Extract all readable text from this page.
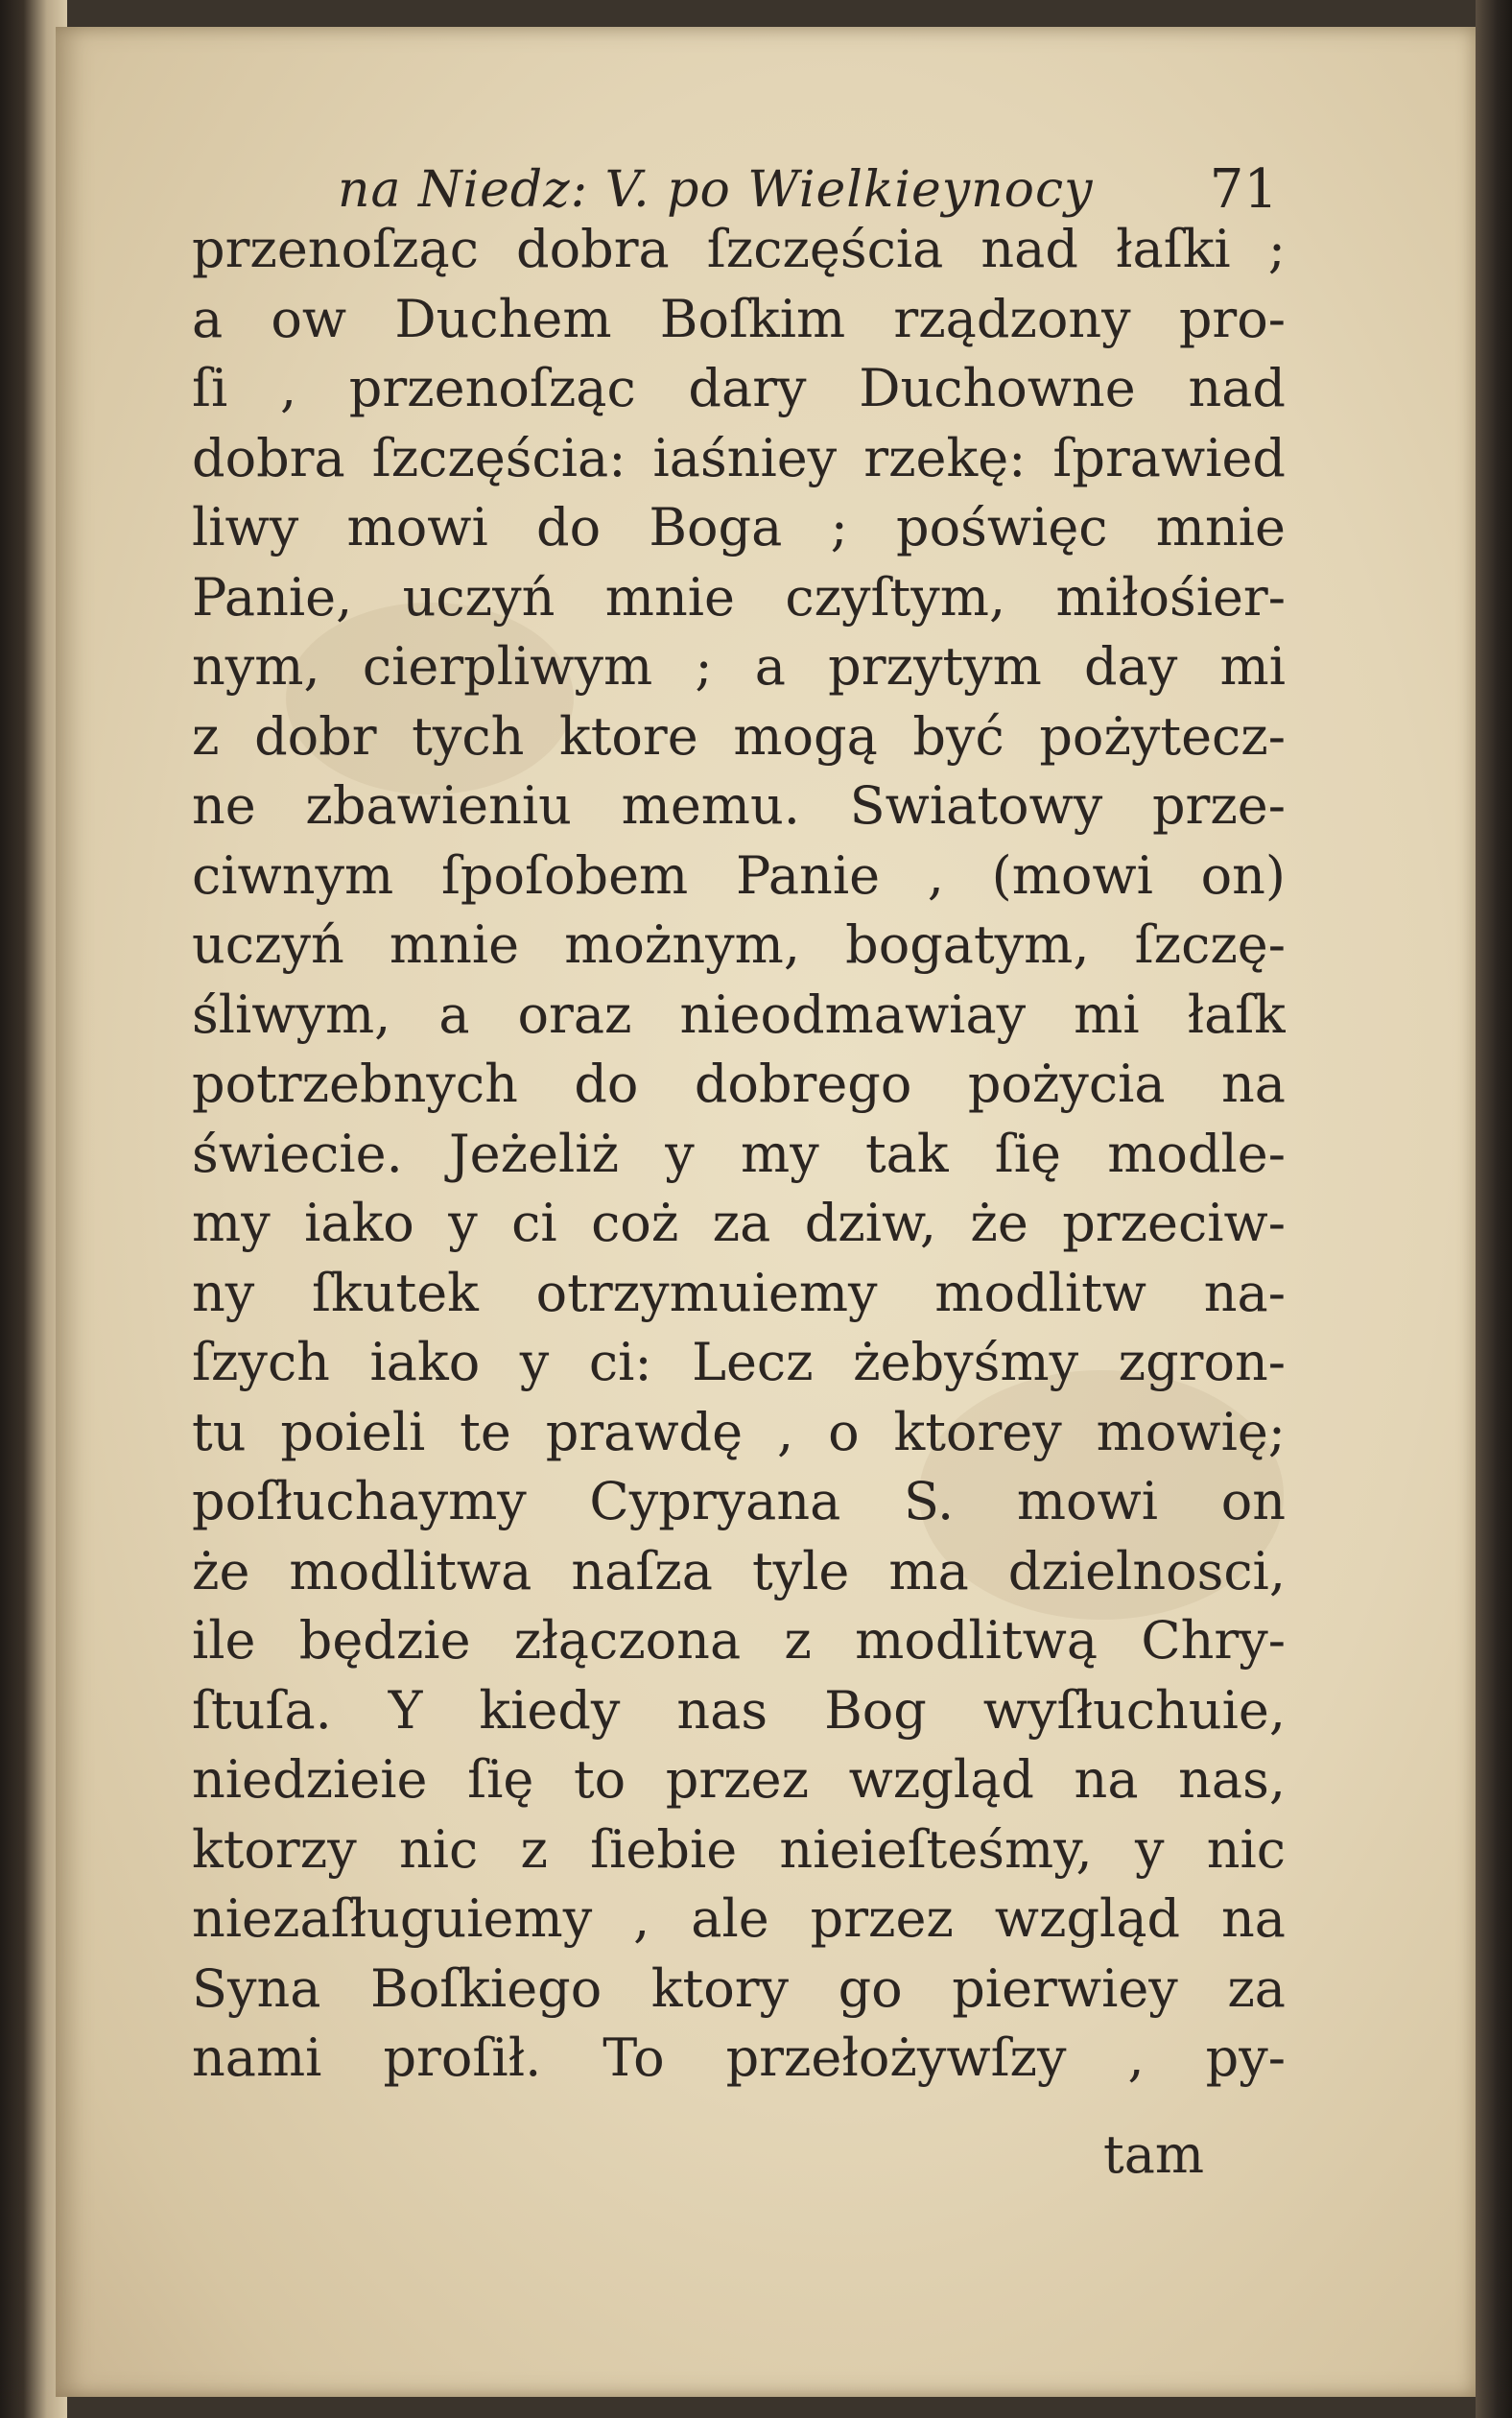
na Niedz: V. po Wielkieynocy 71
przenoſząc dobra ſzczęścia nad łaſki ;
a ow Duchem Boſkim rządzony pro-
ſi , przenoſząc dary Duchowne nad
dobra ſzczęścia: iaśniey rzekę: ſprawied
liwy mowi do Boga ; poświęc mnie
Panie, uczyń mnie czyſtym, miłośier-
nym, cierpliwym ; a przytym day mi
z dobr tych ktore mogą być pożytecz-
ne zbawieniu memu. Swiatowy prze-
ciwnym ſpoſobem Panie , (mowi on)
uczyń mnie możnym, bogatym, ſzczę-
śliwym, a oraz nieodmawiay mi łaſk
potrzebnych do dobrego pożycia na
świecie. Jeżeliż y my tak ſię modle-
my iako y ci coż za dziw, że przeciw-
ny ſkutek otrzymuiemy modlitw na-
ſzych iako y ci: Lecz żebyśmy zgron-
tu poieli te prawdę , o ktorey mowię;
poſłuchaymy Cypryana S. mowi on
że modlitwa naſza tyle ma dzielnosci,
ile będzie złączona z modlitwą Chry-
ſtuſa. Y kiedy nas Bog wyſłuchuie,
niedzieie ſię to przez wzgląd na nas,
ktorzy nic z ſiebie nieieſteśmy, y nic
niezaſługuiemy , ale przez wzgląd na
Syna Boſkiego ktory go pierwiey za
nami proſił. To przełożywſzy , py-
tam
